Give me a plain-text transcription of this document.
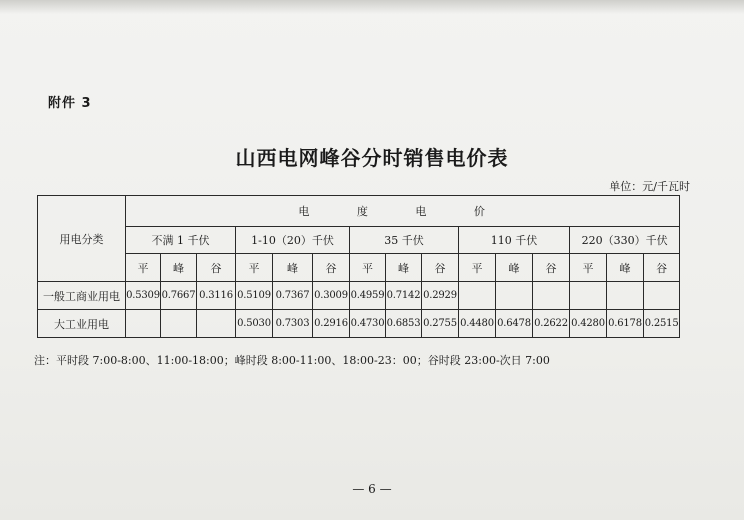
附件 3
山西电网峰谷分时销售电价表
单位：元/千瓦时
用电分类	电 度 电 价														
	不满 1 千伏			1-10（20）千伏			35 千伏			110 千伏			220（330）千伏		
	平	峰	谷	平	峰	谷	平	峰	谷	平	峰	谷	平	峰	谷
一般工商业用电	0.5309	0.7667	0.3116	0.5109	0.7367	0.3009	0.4959	0.7142	0.2929						
大工业用电				0.5030	0.7303	0.2916	0.4730	0.6853	0.2755	0.4480	0.6478	0.2622	0.4280	0.6178	0.2515
注：平时段 7:00-8:00、11:00-18:00；峰时段 8:00-11:00、18:00-23：00；谷时段 23:00-次日 7:00
— 6 —
